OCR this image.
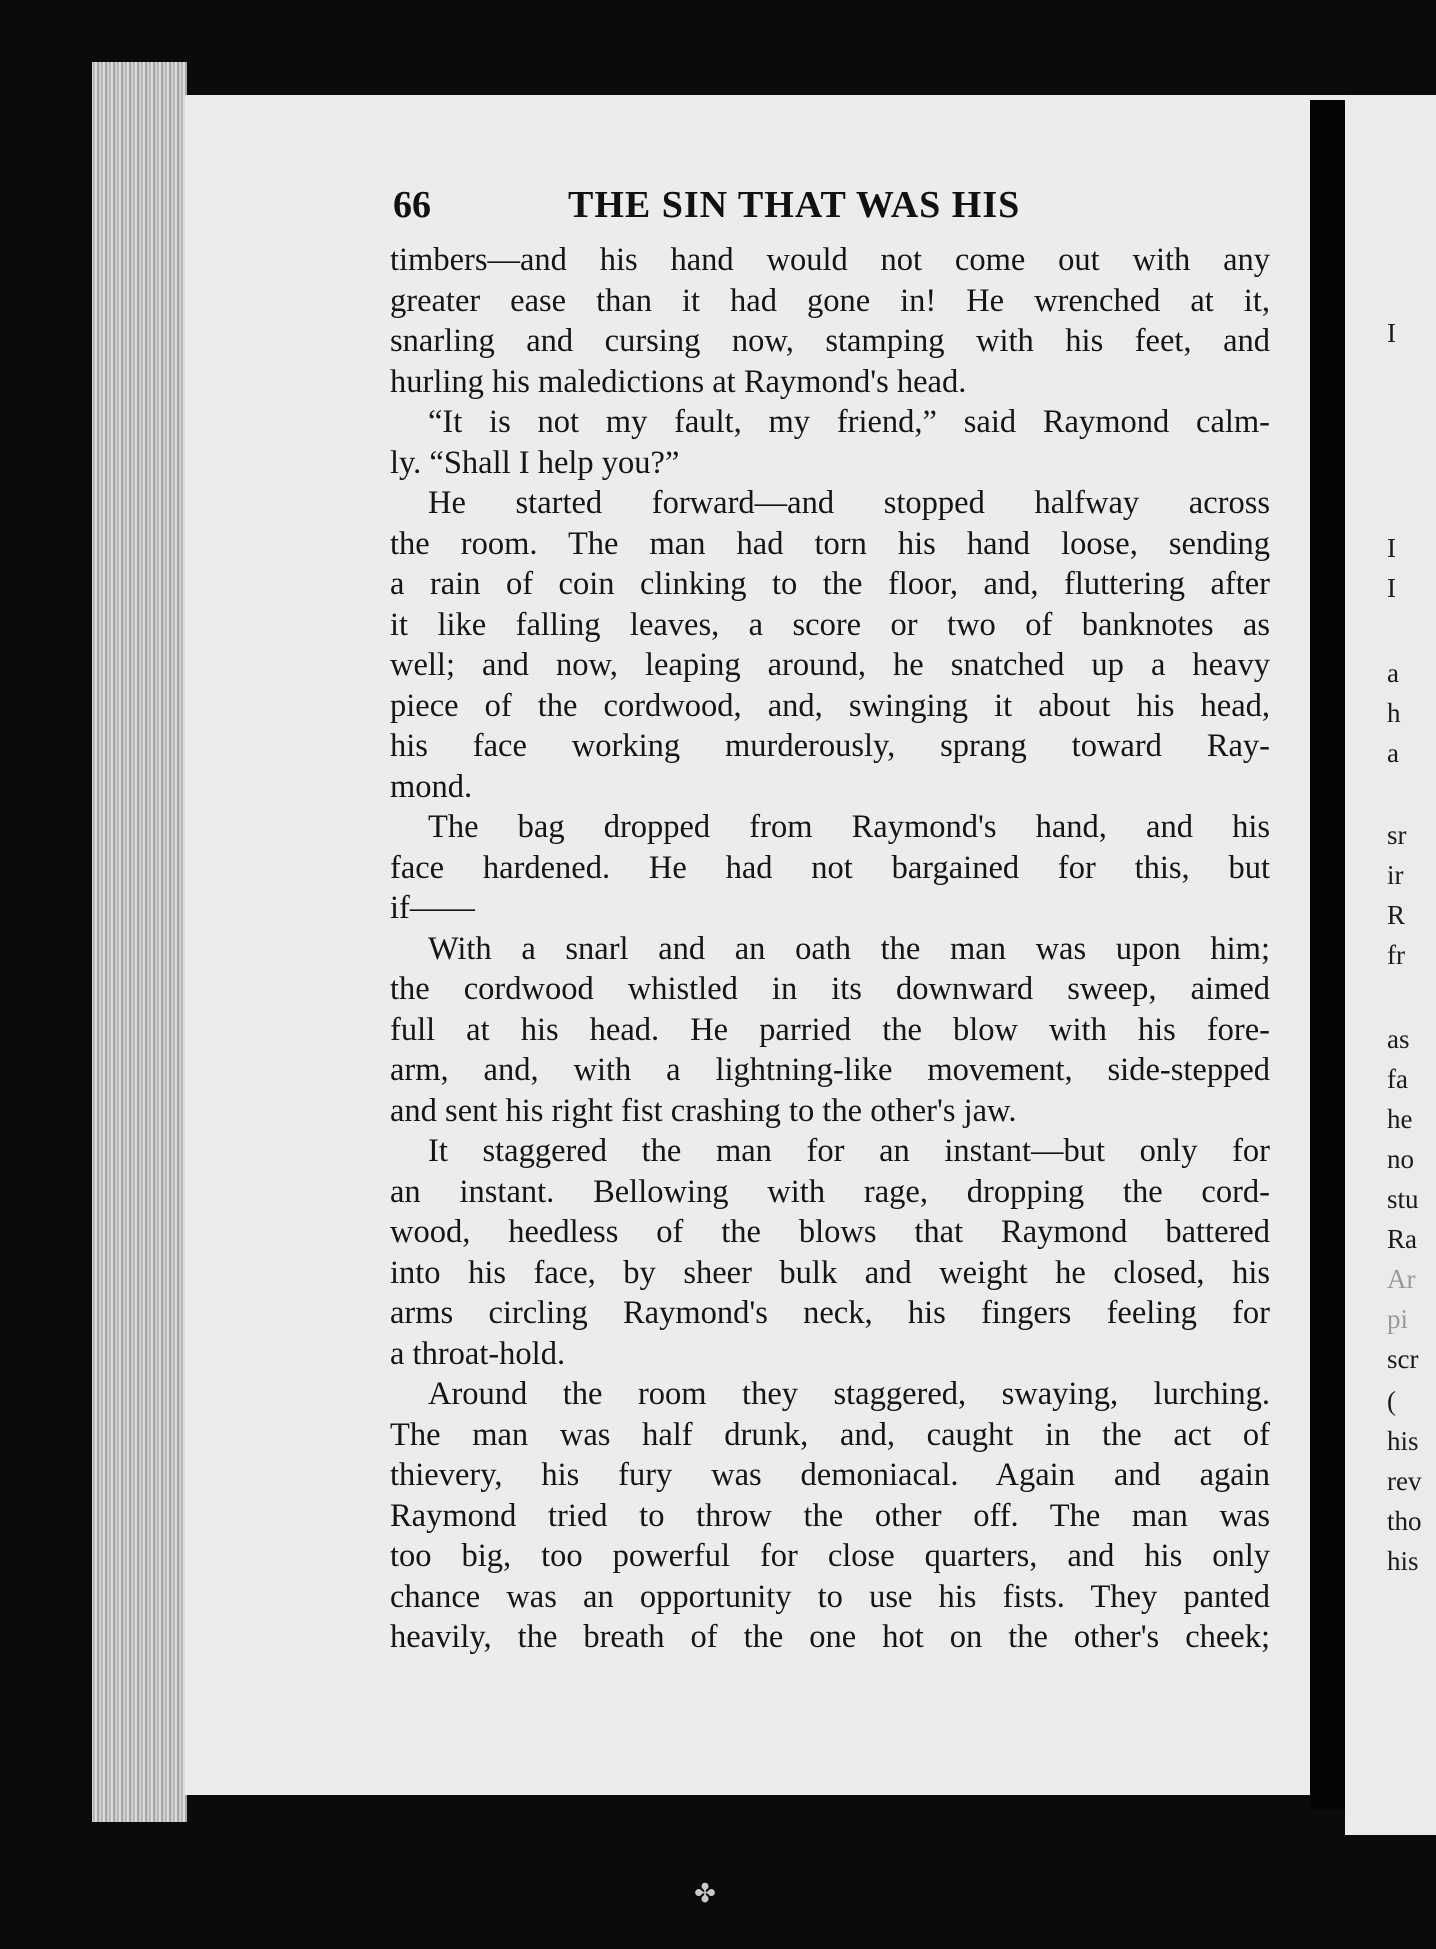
I
I
I
a
h
a
sr
ir
R
fr
as
fa
he
no
stu
Ra
Ar
pi
scr
(
his
rev
tho
his
66	THE SIN THAT WAS HIS
timbers—and his hand would not come out with any
greater ease than it had gone in! He wrenched at it,
snarling and cursing now, stamping with his feet, and
hurling his maledictions at Raymond's head.
“It is not my fault, my friend,” said Raymond calm-
ly. “Shall I help you?”
He started forward—and stopped halfway across
the room. The man had torn his hand loose, sending
a rain of coin clinking to the floor, and, fluttering after
it like falling leaves, a score or two of banknotes as
well; and now, leaping around, he snatched up a heavy
piece of the cordwood, and, swinging it about his head,
his face working murderously, sprang toward Ray-
mond.
The bag dropped from Raymond's hand, and his
face hardened. He had not bargained for this, but
if——
With a snarl and an oath the man was upon him;
the cordwood whistled in its downward sweep, aimed
full at his head. He parried the blow with his fore-
arm, and, with a lightning-like movement, side-stepped
and sent his right fist crashing to the other's jaw.
It staggered the man for an instant—but only for
an instant. Bellowing with rage, dropping the cord-
wood, heedless of the blows that Raymond battered
into his face, by sheer bulk and weight he closed, his
arms circling Raymond's neck, his fingers feeling for
a throat-hold.
Around the room they staggered, swaying, lurching.
The man was half drunk, and, caught in the act of
thievery, his fury was demoniacal. Again and again
Raymond tried to throw the other off. The man was
too big, too powerful for close quarters, and his only
chance was an opportunity to use his fists. They panted
heavily, the breath of the one hot on the other's cheek;
✤
